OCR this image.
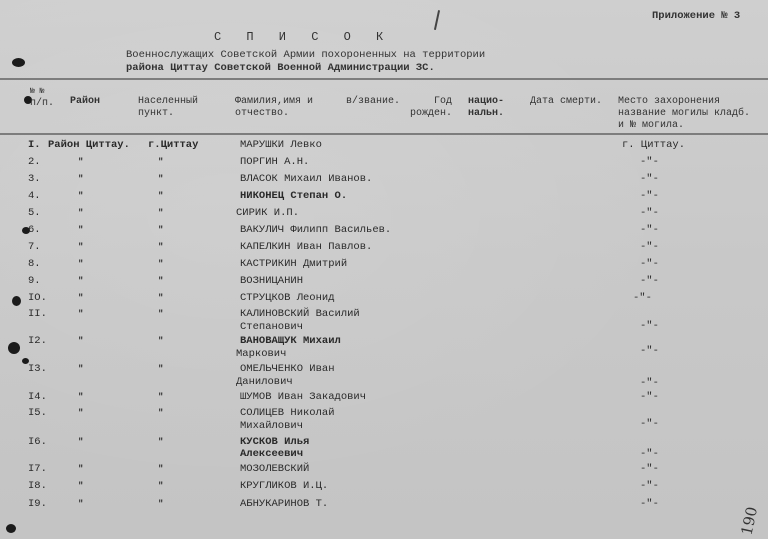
190
Приложение № 3
С П И С О К
Военнослужащих Советской Армии похороненных на территории
района Циттау Советской Военной Администрации ЗС.
№ №
п/п. Район	Населенный
пункт.
Фамилия,имя и
отчество.
в/звание.	Год
рожден.
нацио-
нальн.
Дата смерти. Место захоронения
название могилы кладб.
и № могила.
I. Район Циттау. г.Циттау	МАРУШКИ Левко	г. Циттау.
2.	"	"	ПОРГИН А.Н.	-"-
3.	"	"	ВЛАСОК Михаил Иванов.	-"-
4.	"	"	НИКОНЕЦ Степан О.	-"-
5.	"	"	СИРИК И.П.	-"-
6.	"	"	ВАКУЛИЧ Филипп Васильев.	-"-
7.	"	"	КАПЕЛКИН Иван Павлов.	-"-
8.	"	"	КАСТРИКИН Дмитрий	-"-
9.	"	"	ВОЗНИЦАНИН	-"-
IO.	"	"	СТРУЦКОВ Леонид	-"-
II.	"	"	КАЛИНОВСКИЙ Василий
Степанович	-"-
I2.	"	"	ВАНОВАЩУК Михаил
Маркович	-"-
I3.	"	"	ОМЕЛЬЧЕНКО Иван
Данилович	-"-
I4.	"	"	ШУМОВ Иван Закадович	-"-
I5.	"	"	СОЛИЦЕВ Николай
Михайлович	-"-
I6.	"	"	КУСКОВ Илья
Алексеевич	-"-
I7.	"	"	МОЗОЛЕВСКИЙ	-"-
I8.	"	"	КРУГЛИКОВ И.Ц.	-"-
I9.	"	"	АБНУКАРИНОВ Т.	-"-
